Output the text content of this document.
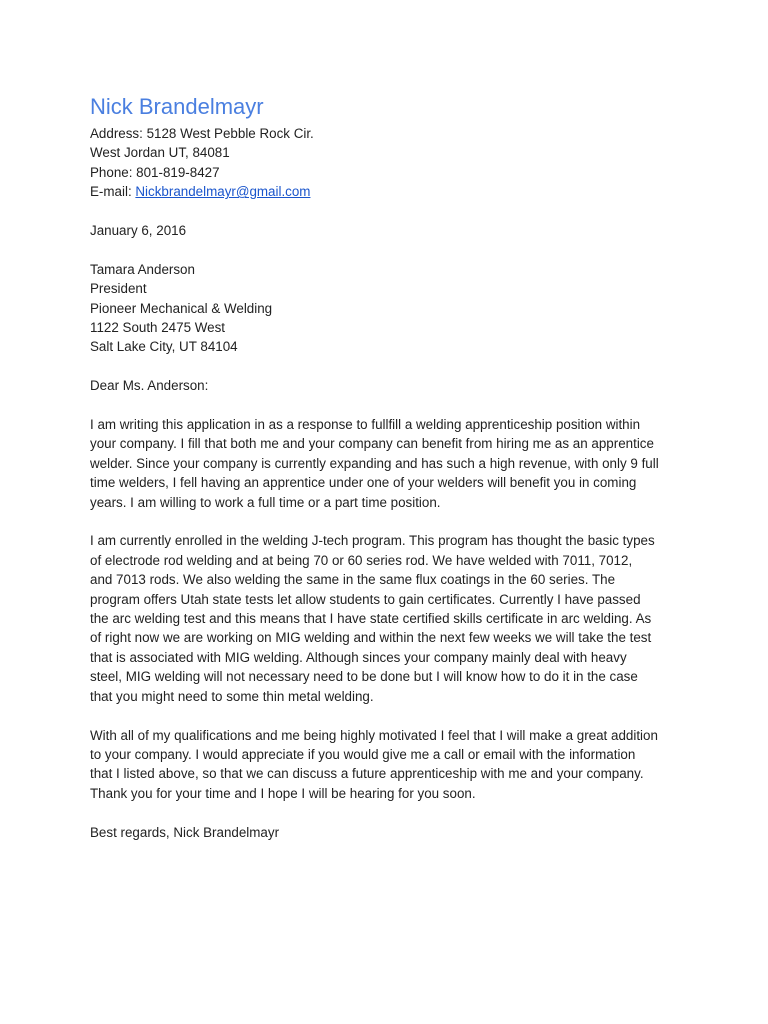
Nick Brandelmayr
Address: 5128 West Pebble Rock Cir.
West Jordan UT, 84081
Phone: 801-819-8427
E-mail: Nickbrandelmayr@gmail.com
January 6, 2016
Tamara Anderson
President
Pioneer Mechanical & Welding
1122 South 2475 West
Salt Lake City, UT 84104
Dear Ms. Anderson:
I am writing this application in as a response to fullfill a welding apprenticeship position within
your company. I fill that both me and your company can benefit from hiring me as an apprentice
welder. Since your company is currently expanding and has such a high revenue, with only 9 full
time welders, I fell having an apprentice under one of your welders will benefit you in coming
years. I am willing to work a full time or a part time position.
I am currently enrolled in the welding J-tech program. This program has thought the basic types
of electrode rod welding and at being 70 or 60 series rod. We have welded with 7011, 7012,
and 7013 rods. We also welding the same in the same flux coatings in the 60 series. The
program offers Utah state tests let allow students to gain certificates. Currently I have passed
the arc welding test and this means that I have state certified skills certificate in arc welding. As
of right now we are working on MIG welding and within the next few weeks we will take the test
that is associated with MIG welding. Although sinces your company mainly deal with heavy
steel, MIG welding will not necessary need to be done but I will know how to do it in the case
that you might need to some thin metal welding.
With all of my qualifications and me being highly motivated I feel that I will make a great addition
to your company. I would appreciate if you would give me a call or email with the information
that I listed above, so that we can discuss a future apprenticeship with me and your company.
Thank you for your time and I hope I will be hearing for you soon.
Best regards, Nick Brandelmayr
